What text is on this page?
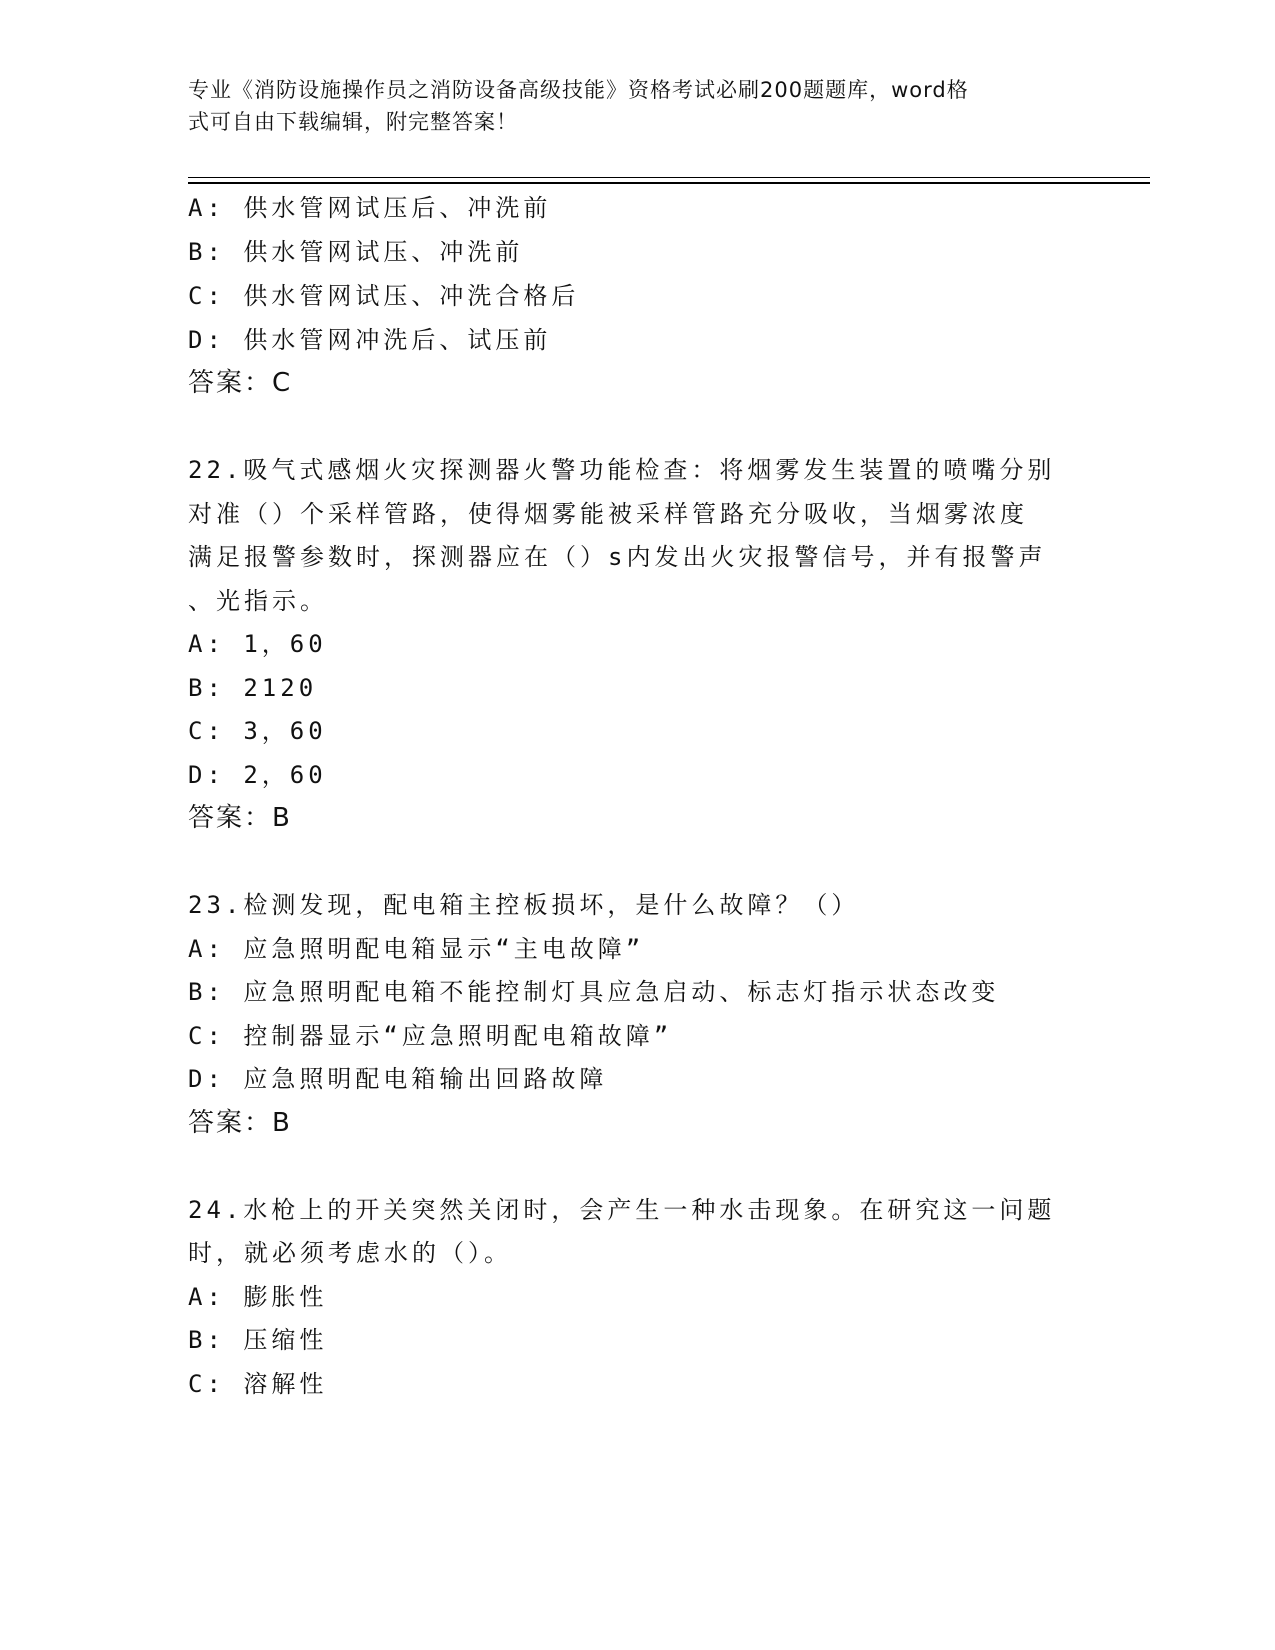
专业《消防设施操作员之消防设备高级技能》资格考试必刷200题题库，word格
式可自由下载编辑，附完整答案！
A: 供水管网试压后、冲洗前
B: 供水管网试压、冲洗前
C: 供水管网试压、冲洗合格后
D: 供水管网冲洗后、试压前
答案：C
22.吸气式感烟火灾探测器火警功能检查：将烟雾发生装置的喷嘴分别
对准（）个采样管路，使得烟雾能被采样管路充分吸收，当烟雾浓度
满足报警参数时，探测器应在（）s内发出火灾报警信号，并有报警声
、光指示。
A: 1，60
B: 2120
C: 3，60
D: 2，60
答案：B
23.检测发现，配电箱主控板损坏，是什么故障？（）
A: 应急照明配电箱显示“主电故障”
B: 应急照明配电箱不能控制灯具应急启动、标志灯指示状态改变
C: 控制器显示“应急照明配电箱故障”
D: 应急照明配电箱输出回路故障
答案：B
24.水枪上的开关突然关闭时，会产生一种水击现象。在研究这一问题
时，就必须考虑水的（）。
A: 膨胀性
B: 压缩性
C: 溶解性
